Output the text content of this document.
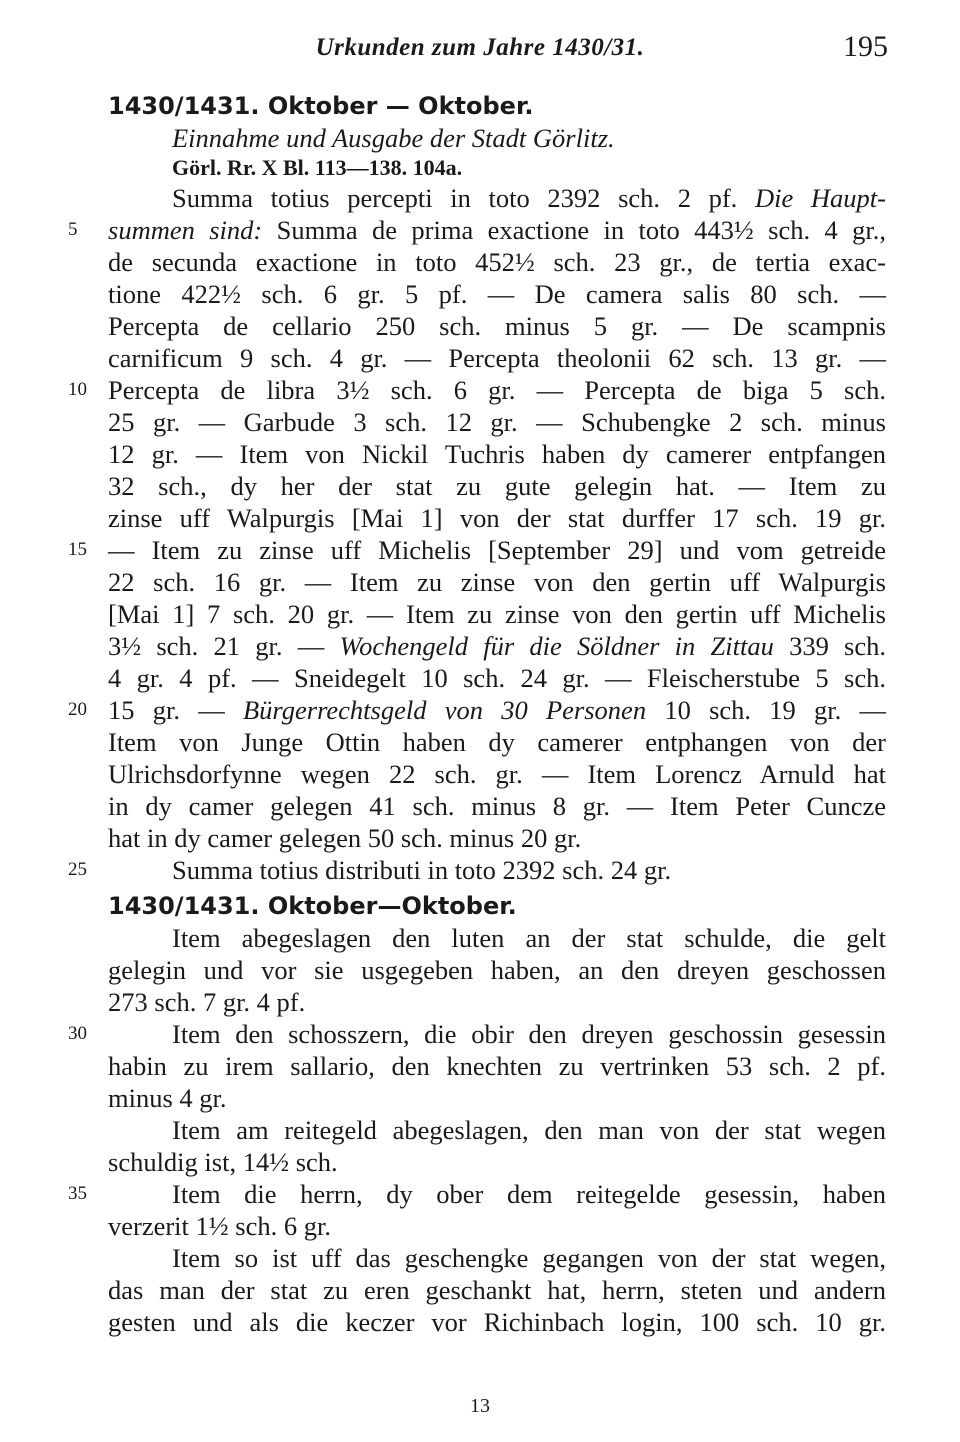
Urkunden zum Jahre 1430/31.	195
1430/1431. Oktober — Oktober.
Einnahme und Ausgabe der Stadt Görlitz.
Görl. Rr. X Bl. 113—138. 104a.
Summa totius percepti in toto 2392 sch. 2 pf. Die Haupt-
summen sind: Summa de prima exactione in toto 443½ sch. 4 gr.,
de secunda exactione in toto 452½ sch. 23 gr., de tertia exac-
tione 422½ sch. 6 gr. 5 pf. — De camera salis 80 sch. —
Percepta de cellario 250 sch. minus 5 gr. — De scampnis
carnificum 9 sch. 4 gr. — Percepta theolonii 62 sch. 13 gr. —
Percepta de libra 3½ sch. 6 gr. — Percepta de biga 5 sch.
25 gr. — Garbude 3 sch. 12 gr. — Schubengke 2 sch. minus
12 gr. — Item von Nickil Tuchris haben dy camerer entpfangen
32 sch., dy her der stat zu gute gelegin hat. — Item zu
zinse uff Walpurgis [Mai 1] von der stat durffer 17 sch. 19 gr.
— Item zu zinse uff Michelis [September 29] und vom getreide
22 sch. 16 gr. — Item zu zinse von den gertin uff Walpurgis
[Mai 1] 7 sch. 20 gr. — Item zu zinse von den gertin uff Michelis
3½ sch. 21 gr. — Wochengeld für die Söldner in Zittau 339 sch.
4 gr. 4 pf. — Sneidegelt 10 sch. 24 gr. — Fleischerstube 5 sch.
15 gr. — Bürgerrechtsgeld von 30 Personen 10 sch. 19 gr. —
Item von Junge Ottin haben dy camerer entphangen von der
Ulrichsdorfynne wegen 22 sch. gr. — Item Lorencz Arnuld hat
in dy camer gelegen 41 sch. minus 8 gr. — Item Peter Cuncze
hat in dy camer gelegen 50 sch. minus 20 gr.
Summa totius distributi in toto 2392 sch. 24 gr.
1430/1431. Oktober—Oktober.
Item abegeslagen den luten an der stat schulde, die gelt
gelegin und vor sie usgegeben haben, an den dreyen geschossen
273 sch. 7 gr. 4 pf.
Item den schosszern, die obir den dreyen geschossin gesessin
habin zu irem sallario, den knechten zu vertrinken 53 sch. 2 pf.
minus 4 gr.
Item am reitegeld abegeslagen, den man von der stat wegen
schuldig ist, 14½ sch.
Item die herrn, dy ober dem reitegelde gesessin, haben
verzerit 1½ sch. 6 gr.
Item so ist uff das geschengke gegangen von der stat wegen,
das man der stat zu eren geschankt hat, herrn, steten und andern
gesten und als die keczer vor Richinbach login, 100 sch. 10 gr.
5
10
15
20
25
30
35
13
